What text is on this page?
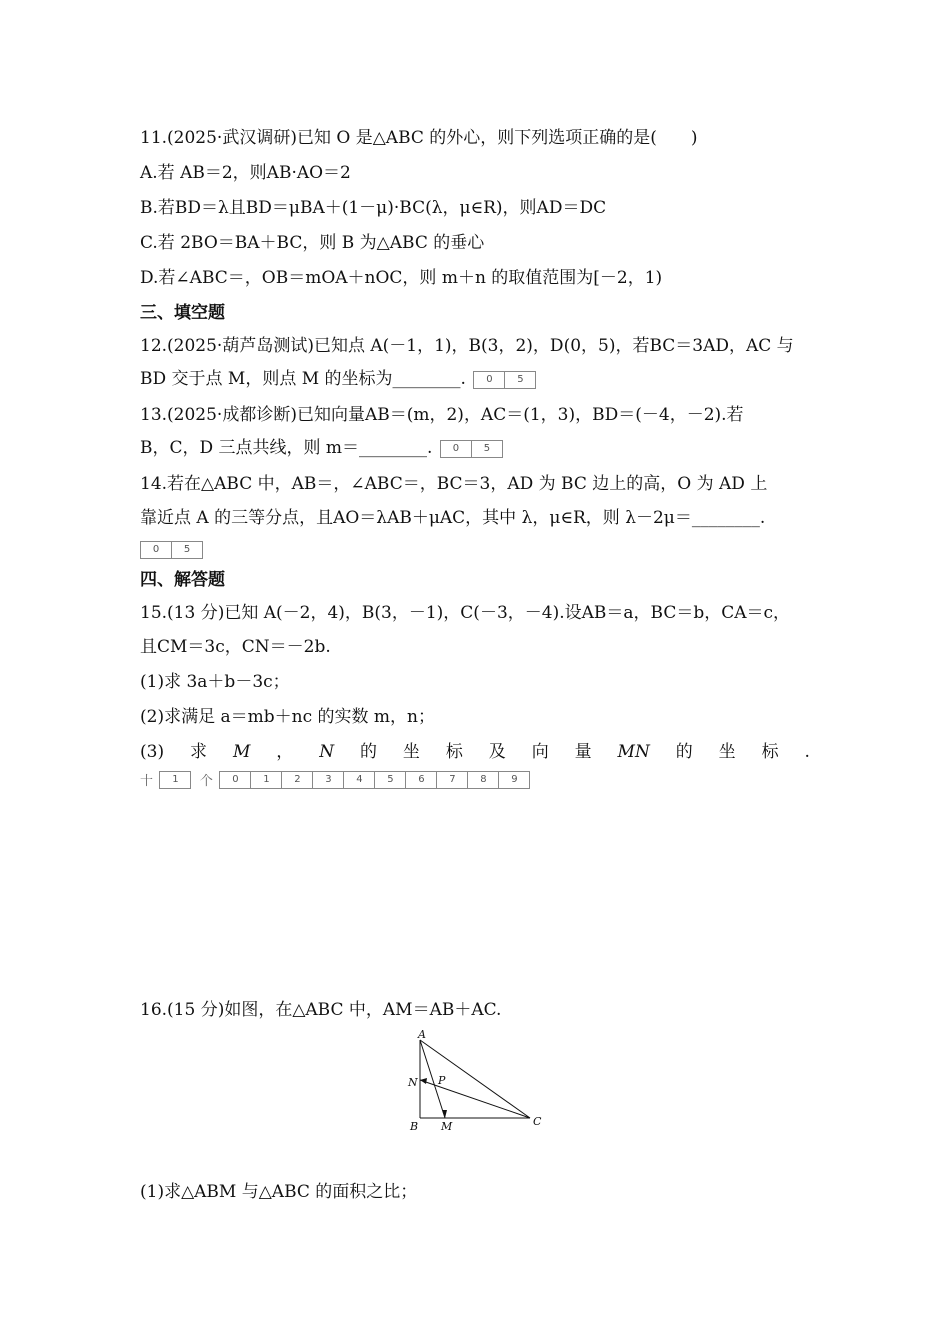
11.(2025·武汉调研)已知 O 是△ABC 的外心，则下列选项正确的是(　　)
A.若 AB＝2，则AB·AO＝2
B.若BD＝λ且BD＝μBA＋(1－μ)·BC(λ，μ∈R)，则AD＝DC
C.若 2BO＝BA＋BC，则 B 为△ABC 的垂心
D.若∠ABC＝，OB＝mOA＋nOC，则 m＋n 的取值范围为[－2，1)
三、填空题
12.(2025·葫芦岛测试)已知点 A(－1，1)，B(3，2)，D(0，5)，若BC＝3AD，AC 与
BD 交于点 M，则点 M 的坐标为________.	0	5
13.(2025·成都诊断)已知向量AB＝(m，2)，AC＝(1，3)，BD＝(－4，－2).若
B，C，D 三点共线，则 m＝________.	0	5
14.若在△ABC 中，AB＝，∠ABC＝，BC＝3，AD 为 BC 边上的高，O 为 AD 上
靠近点 A 的三等分点，且AO＝λAB＋μAC，其中 λ，μ∈R，则 λ－2μ＝________.
0	5
四、解答题
15.(13 分)已知 A(－2，4)，B(3，－1)，C(－3，－4).设AB＝a，BC＝b，CA＝c，
且CM＝3c，CN＝－2b.
(1)求 3a＋b－3c；
(2)求满足 a＝mb＋nc 的实数 m，n；
(3) 求 M ， N 的 坐 标 及 向 量 MN 的 坐 标 .
十	1	个	0	1	2	3	4	5	6	7	8	9
16.(15 分)如图，在△ABC 中，AM＝AB＋AC.
A
B	C
M
N P
(1)求△ABM 与△ABC 的面积之比；
